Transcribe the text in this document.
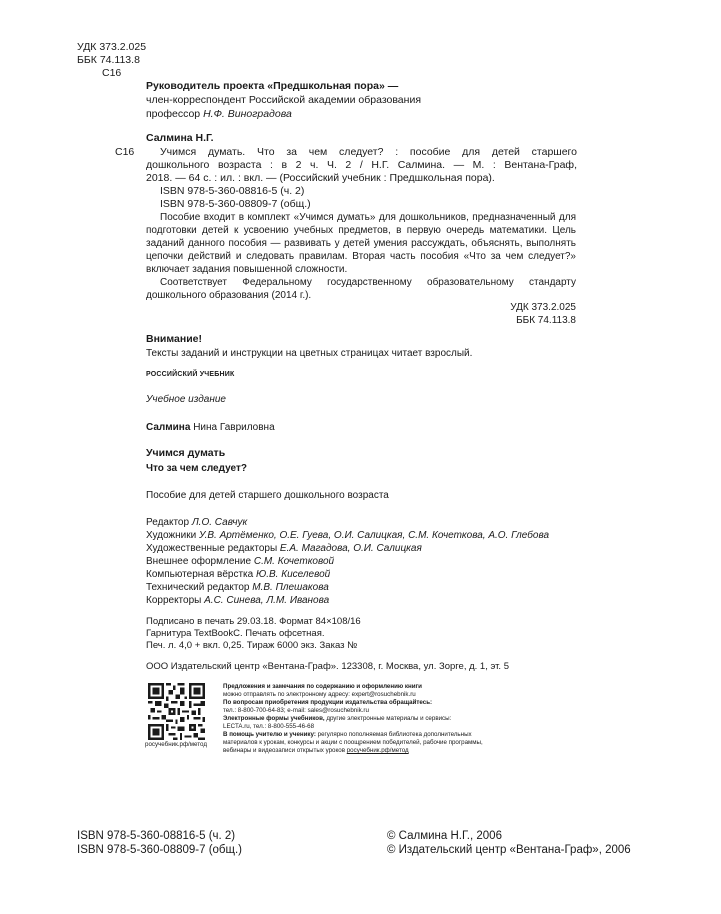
УДК 373.2.025
ББК 74.113.8
С16
Руководитель проекта «Предшкольная пора» —
член-корреспондент Российской академии образования
профессор Н.Ф. Виноградова
Салмина Н.Г.
С16	Учимся думать. Что за чем следует? : пособие для детей старшего
дошкольного возраста : в 2 ч. Ч. 2 / Н.Г. Салмина. — М. : Вентана-Граф,
2018. — 64 с. : ил. : вкл. — (Российский учебник : Предшкольная пора).
ISBN 978-5-360-08816-5 (ч. 2)
ISBN 978-5-360-08809-7 (общ.)
Пособие входит в комплект «Учимся думать» для дошкольников, предназначенный для подготовки детей к усвоению учебных предметов, в первую очередь математики. Цель заданий данного пособия — развивать у детей умения рассуждать, объяснять, выполнять цепочки действий и следовать правилам. Вторая часть пособия «Что за чем следует?» включает задания повышенной сложности.
Соответствует Федеральному государственному образовательному стандарту дошкольного образования (2014 г.).
УДК 373.2.025
ББК 74.113.8
Внимание!
Тексты заданий и инструкции на цветных страницах читает взрослый.
РОССИЙСКИЙ УЧЕБНИК
Учебное издание
Салмина Нина Гавриловна
Учимся думать
Что за чем следует?
Пособие для детей старшего дошкольного возраста
Редактор Л.О. Савчук
Художники У.В. Артёменко, О.Е. Гуева, О.И. Салицкая, С.М. Кочеткова, А.О. Глебова
Художественные редакторы Е.А. Магадова, О.И. Салицкая
Внешнее оформление С.М. Кочетковой
Компьютерная вёрстка Ю.В. Киселевой
Технический редактор М.В. Плешакова
Корректоры А.С. Синева, Л.М. Иванова
Подписано в печать 29.03.18. Формат 84×108/16
Гарнитура TextBookC. Печать офсетная.
Печ. л. 4,0 + вкл. 0,25. Тираж 6000 экз. Заказ №
ООО Издательский центр «Вентана-Граф». 123308, г. Москва, ул. Зорге, д. 1, эт. 5
росучебник.рф/метод
Предложения и замечания по содержанию и оформлению книги
можно отправлять по электронному адресу: expert@rosuchebnik.ru
По вопросам приобретения продукции издательства обращайтесь:
тел.: 8-800-700-64-83; e-mail: sales@rosuchebnik.ru
Электронные формы учебников, другие электронные материалы и сервисы:
LECTA.ru, тел.: 8-800-555-46-68
В помощь учителю и ученику: регулярно пополняемая библиотека дополнительных
материалов к урокам, конкурсы и акции с поощрением победителей, рабочие программы,
вебинары и видеозаписи открытых уроков росучебник.рф/метод
ISBN 978-5-360-08816-5 (ч. 2)
ISBN 978-5-360-08809-7 (общ.)
© Салмина Н.Г., 2006
© Издательский центр «Вентана-Граф», 2006
